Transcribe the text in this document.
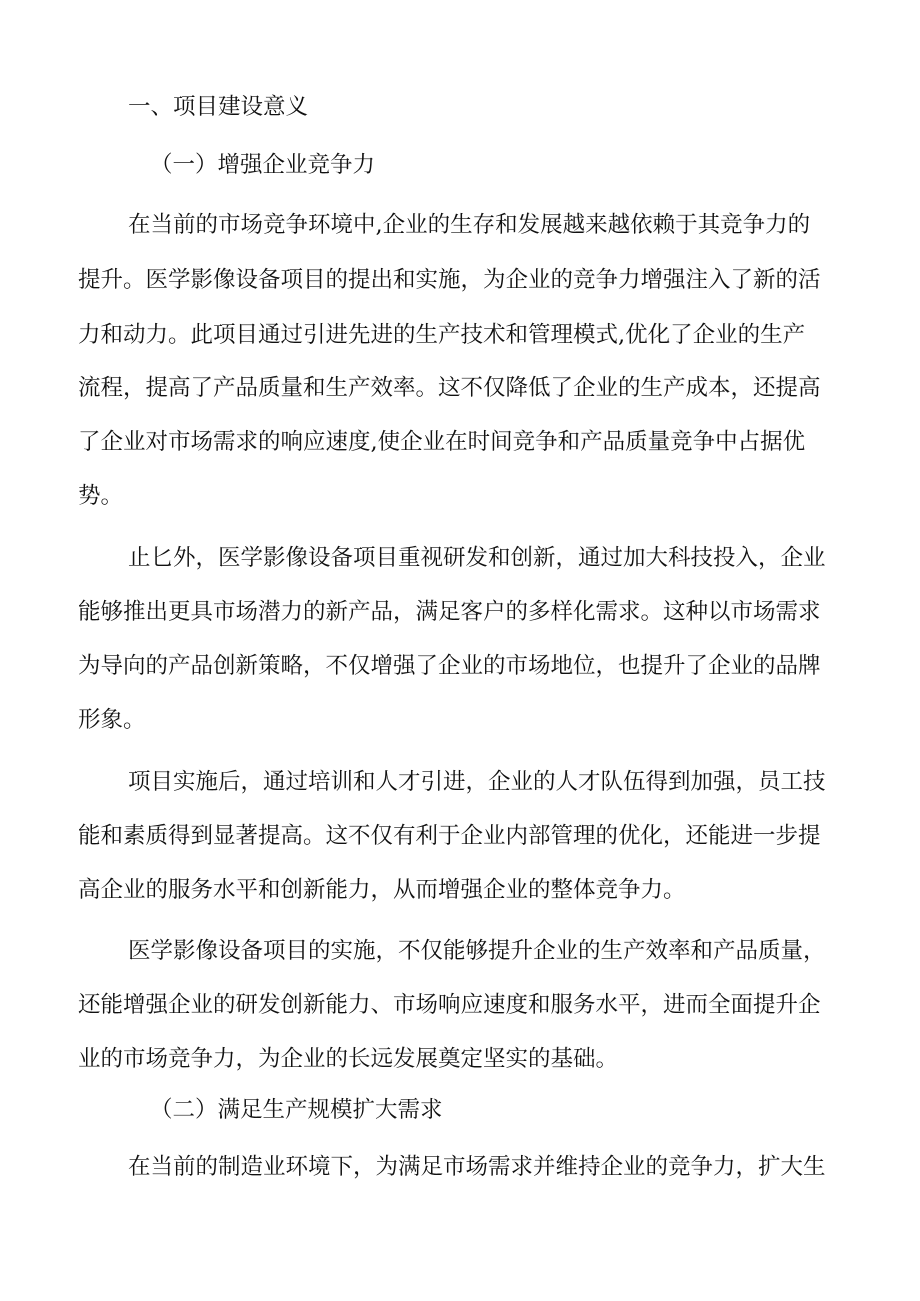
一、项目建设意义
（一）增强企业竞争力
在当前的市场竞争环境中,企业的生存和发展越来越依赖于其竞争力的
提升。医学影像设备项目的提出和实施，为企业的竞争力增强注入了新的活
力和动力。此项目通过引进先进的生产技术和管理模式,优化了企业的生产
流程，提高了产品质量和生产效率。这不仅降低了企业的生产成本，还提高
了企业对市场需求的响应速度,使企业在时间竞争和产品质量竞争中占据优
势。
止匕外，医学影像设备项目重视研发和创新，通过加大科技投入，企业
能够推出更具市场潜力的新产品，满足客户的多样化需求。这种以市场需求
为导向的产品创新策略，不仅增强了企业的市场地位，也提升了企业的品牌
形象。
项目实施后，通过培训和人才引进，企业的人才队伍得到加强，员工技
能和素质得到显著提高。这不仅有利于企业内部管理的优化，还能进一步提
高企业的服务水平和创新能力，从而增强企业的整体竞争力。
医学影像设备项目的实施，不仅能够提升企业的生产效率和产品质量，
还能增强企业的研发创新能力、市场响应速度和服务水平，进而全面提升企
业的市场竞争力，为企业的长远发展奠定坚实的基础。
（二）满足生产规模扩大需求
在当前的制造业环境下，为满足市场需求并维持企业的竞争力，扩大生
